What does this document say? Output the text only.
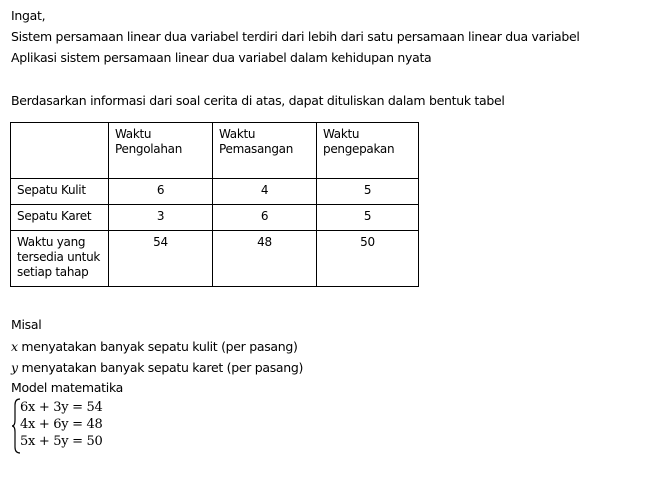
Ingat,
Sistem persamaan linear dua variabel terdiri dari lebih dari satu persamaan linear dua variabel
Aplikasi sistem persamaan linear dua variabel dalam kehidupan nyata
Berdasarkan informasi dari soal cerita di atas, dapat dituliskan dalam bentuk tabel
	Waktu Pengolahan	Waktu Pemasangan	Waktu pengepakan
Sepatu Kulit	6	4	5
Sepatu Karet	3	6	5
Waktu yang tersedia untuk setiap tahap	54	48	50
Misal
x menyatakan banyak sepatu kulit (per pasang)
y menyatakan banyak sepatu karet (per pasang)
Model matematika
6x + 3y = 54
4x + 6y = 48
5x + 5y = 50
